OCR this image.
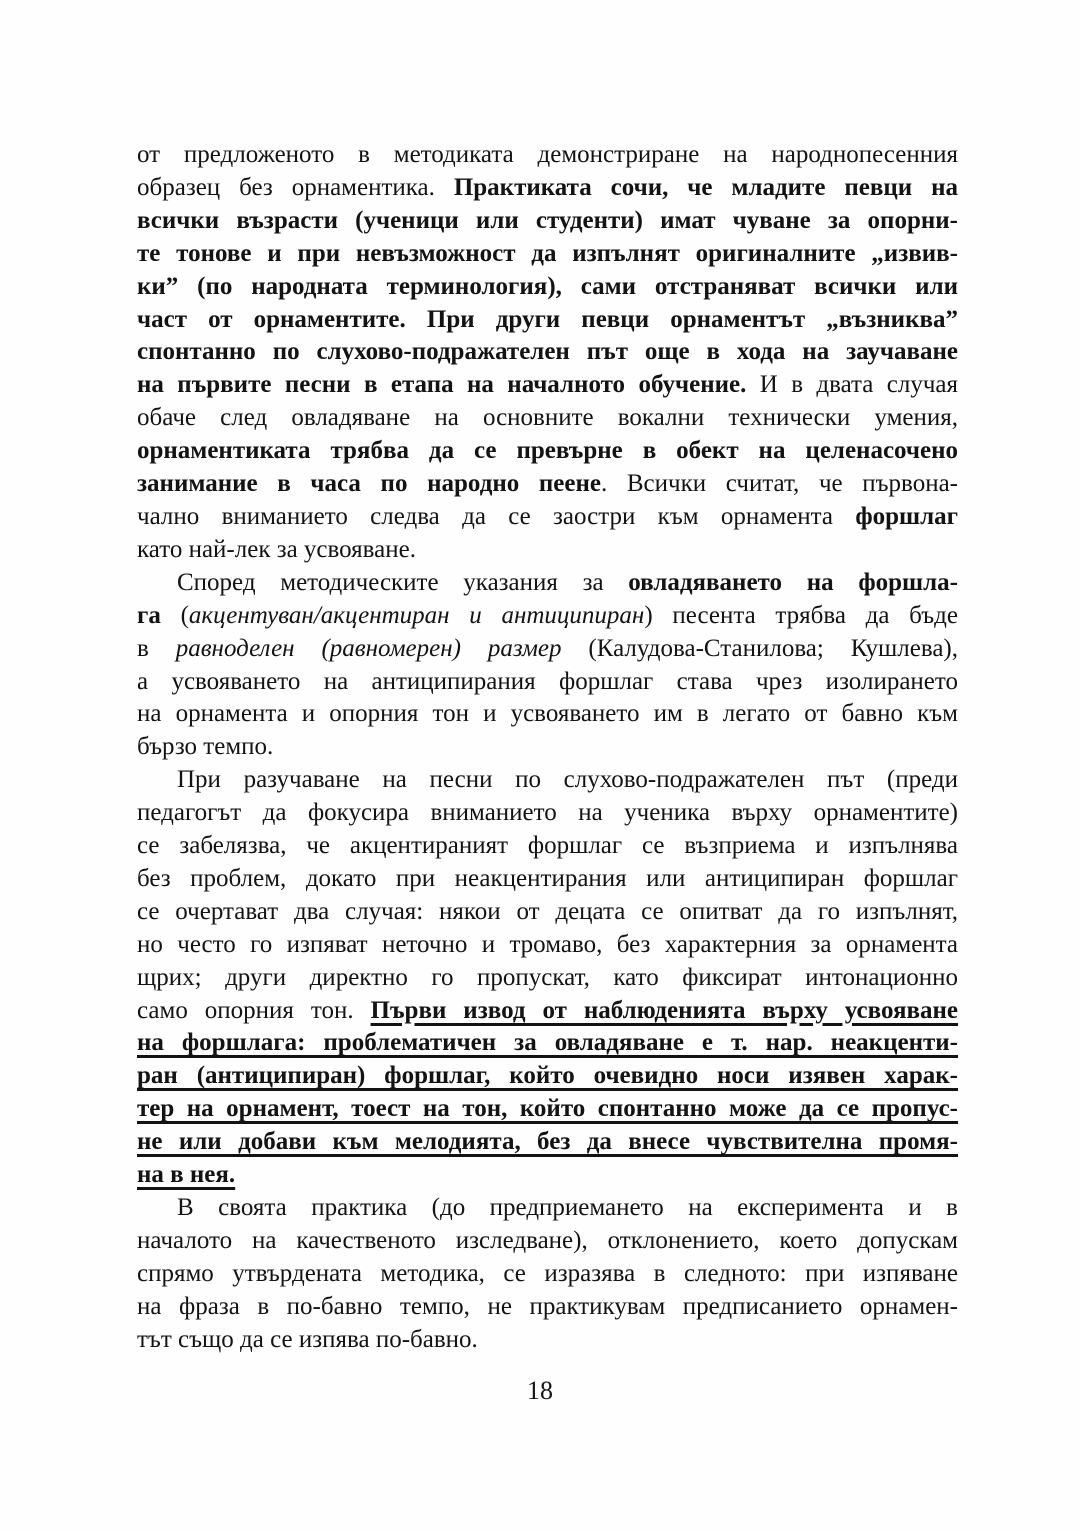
от предложеното в методиката демонстриране на народнопесенния
образец без орнаментика. Практиката сочи, че младите певци на
всички възрасти (ученици или студенти) имат чуване за опорни-
те тонове и при невъзможност да изпълнят оригиналните „извив-
ки” (по народната терминология), сами отстраняват всички или
част от орнаментите. При други певци орнаментът „възниква”
спонтанно по слухово-подражателен път още в хода на заучаване
на първите песни в етапа на началното обучение. И в двата случая
обаче след овладяване на основните вокални технически умения,
орнаментиката трябва да се превърне в обект на целенасочено
занимание в часа по народно пеене. Всички считат, че първона-
чално вниманието следва да се заостри към орнамента форшлаг
като най-лек за усвояване.
Според методическите указания за овладяването на форшла-
га (акцентуван/акцентиран и антиципиран) песента трябва да бъде
в равноделен (равномерен) размер (Калудова-Станилова; Кушлева),
а усвояването на антиципирания форшлаг става чрез изолирането
на орнамента и опорния тон и усвояването им в легато от бавно към
бързо темпо.
При разучаване на песни по слухово-подражателен път (преди
педагогът да фокусира вниманието на ученика върху орнаментите)
се забелязва, че акцентираният форшлаг се възприема и изпълнява
без проблем, докато при неакцентирания или антиципиран форшлаг
се очертават два случая: някои от децата се опитват да го изпълнят,
но често го изпяват неточно и тромаво, без характерния за орнамента
щрих; други директно го пропускат, като фиксират интонационно
само опорния тон. Първи извод от наблюденията върху усвояване
на форшлага: проблематичен за овладяване е т. нар. неакценти-
ран (антиципиран) форшлаг, който очевидно носи изявен харак-
тер на орнамент, тоест на тон, който спонтанно може да се пропус-
не или добави към мелодията, без да внесе чувствителна промя-
на в нея.
В своята практика (до предприемането на експеримента и в
началото на качественото изследване), отклонението, което допускам
спрямо утвърдената методика, се изразява в следното: при изпяване
на фраза в по-бавно темпо, не практикувам предписанието орнамен-
тът също да се изпява по-бавно.
18
